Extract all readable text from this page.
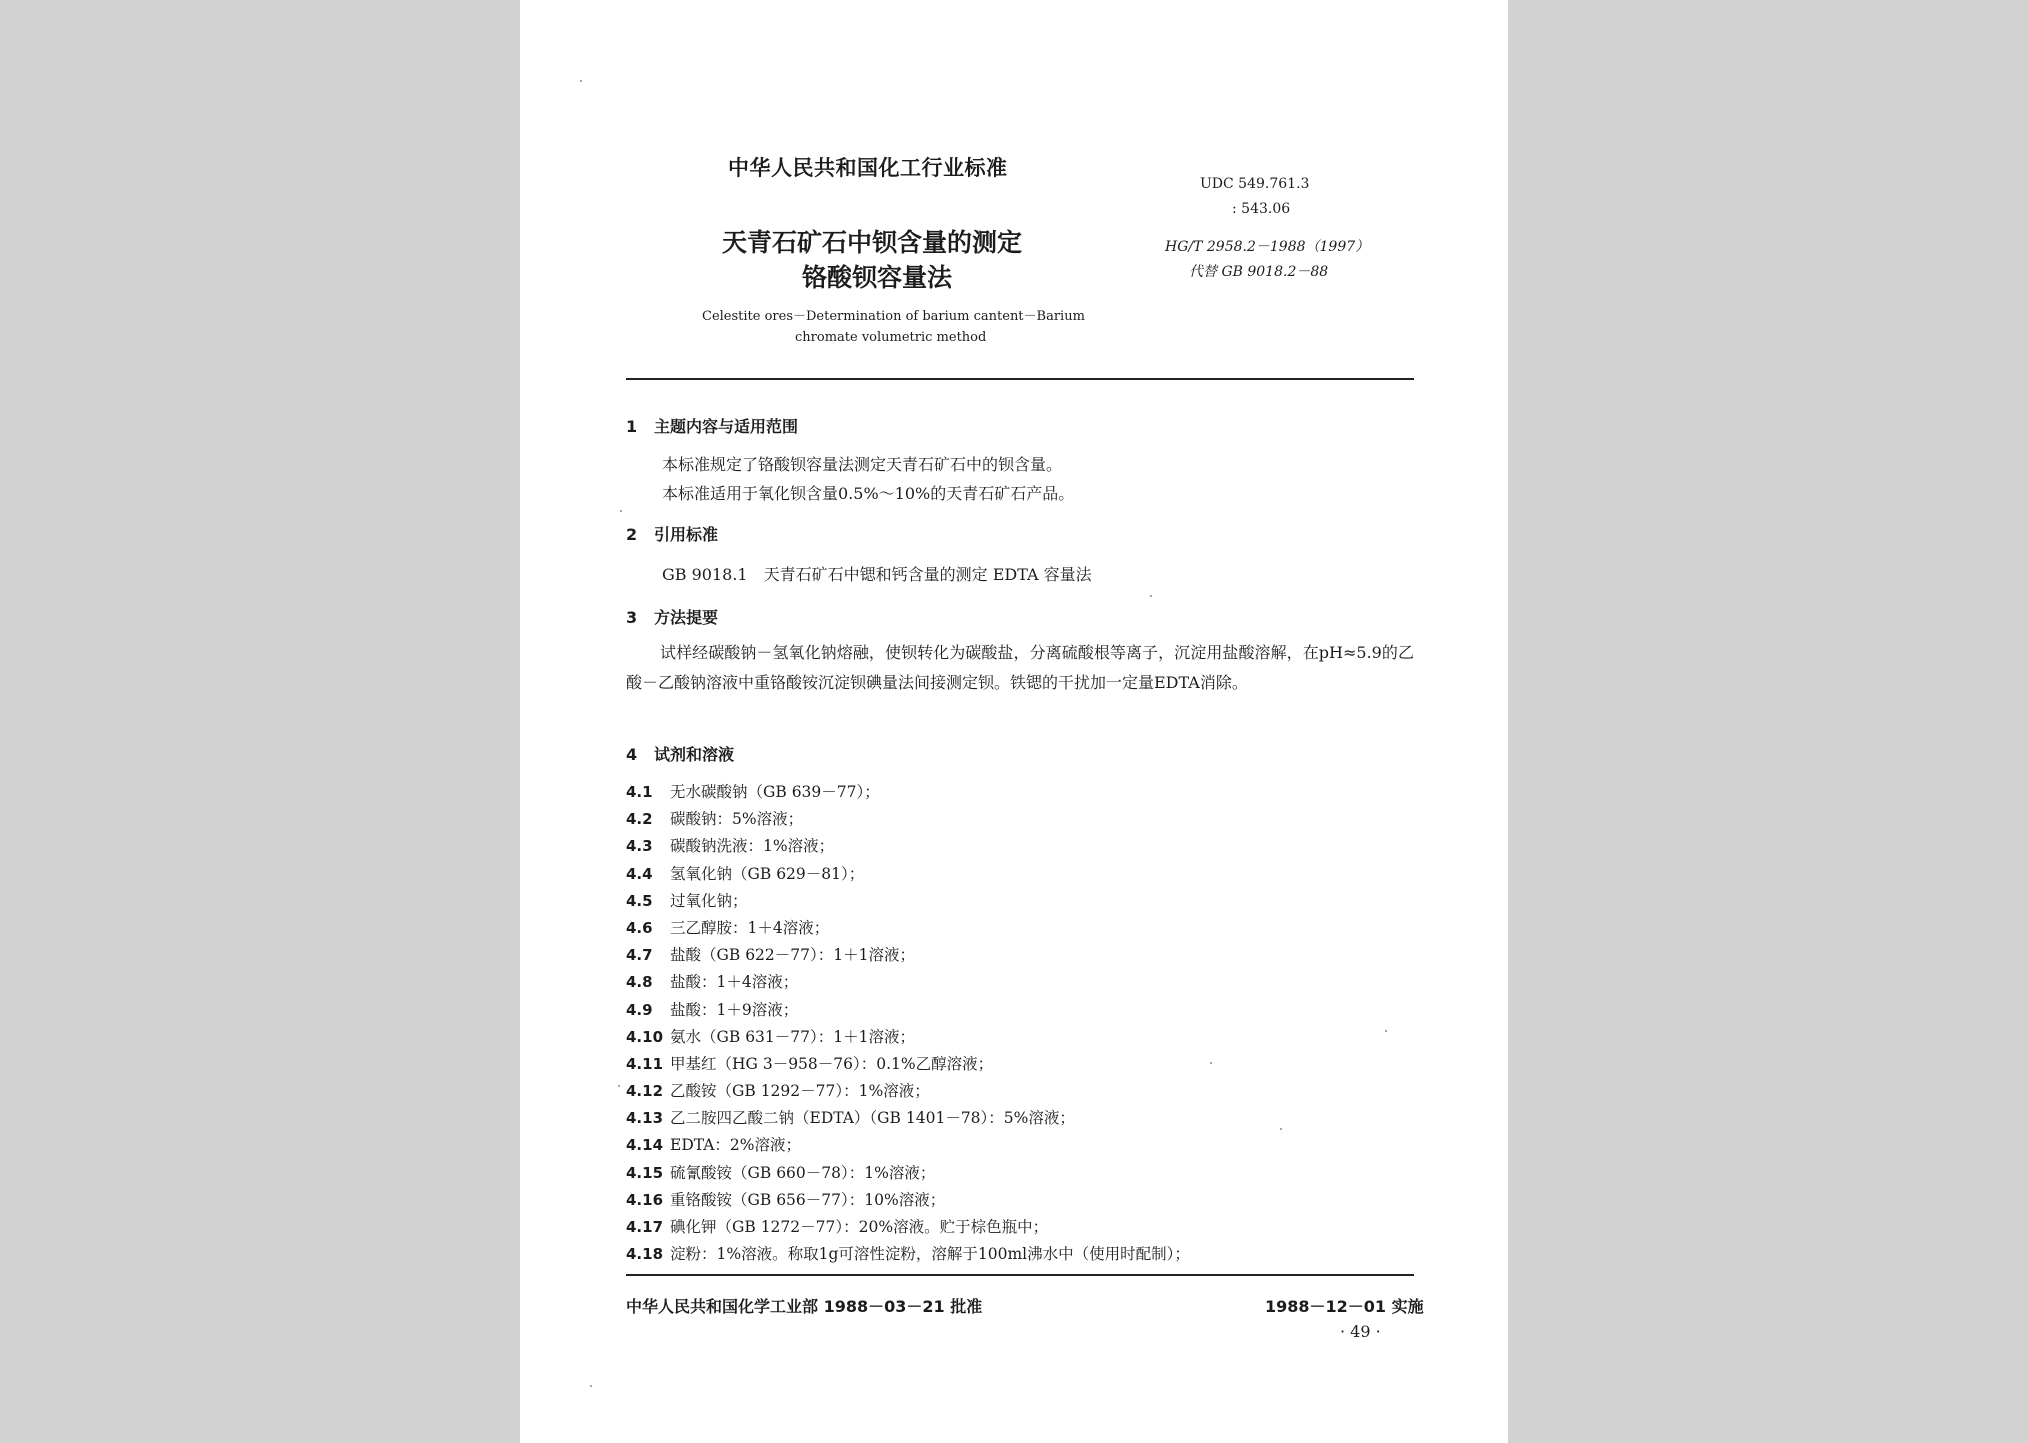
中华人民共和国化工行业标准
UDC 549.761.3
: 543.06
HG/T 2958.2－1988（1997）
代替 GB 9018.2－88
天青石矿石中钡含量的测定
铬酸钡容量法
Celestite ores－Determination of barium cantent－Barium
chromate volumetric method
1 主题内容与适用范围
本标准规定了铬酸钡容量法测定天青石矿石中的钡含量。
本标准适用于氧化钡含量0.5%～10%的天青石矿石产品。
2 引用标准
GB 9018.1 天青石矿石中锶和钙含量的测定 EDTA 容量法
3 方法提要
试样经碳酸钠－氢氧化钠熔融，使钡转化为碳酸盐，分离硫酸根等离子，沉淀用盐酸溶解，在pH≈5.9的乙酸－乙酸钠溶液中重铬酸铵沉淀钡碘量法间接测定钡。铁锶的干扰加一定量EDTA消除。
4 试剂和溶液
4.1 无水碳酸钠（GB 639－77）；
4.2 碳酸钠：5%溶液；
4.3 碳酸钠洗液：1%溶液；
4.4 氢氧化钠（GB 629－81）；
4.5 过氧化钠；
4.6 三乙醇胺：1＋4溶液；
4.7 盐酸（GB 622－77）：1＋1溶液；
4.8 盐酸：1＋4溶液；
4.9 盐酸：1＋9溶液；
4.10 氨水（GB 631－77）：1＋1溶液；
4.11 甲基红（HG 3－958－76）：0.1%乙醇溶液；
4.12 乙酸铵（GB 1292－77）：1%溶液；
4.13 乙二胺四乙酸二钠（EDTA）（GB 1401－78）：5%溶液；
4.14 EDTA：2%溶液；
4.15 硫氰酸铵（GB 660－78）：1%溶液；
4.16 重铬酸铵（GB 656－77）：10%溶液；
4.17 碘化钾（GB 1272－77）：20%溶液。贮于棕色瓶中；
4.18 淀粉：1%溶液。称取1g可溶性淀粉，溶解于100ml沸水中（使用时配制）；
中华人民共和国化学工业部 1988－03－21 批准	1988－12－01 实施
· 49 ·
